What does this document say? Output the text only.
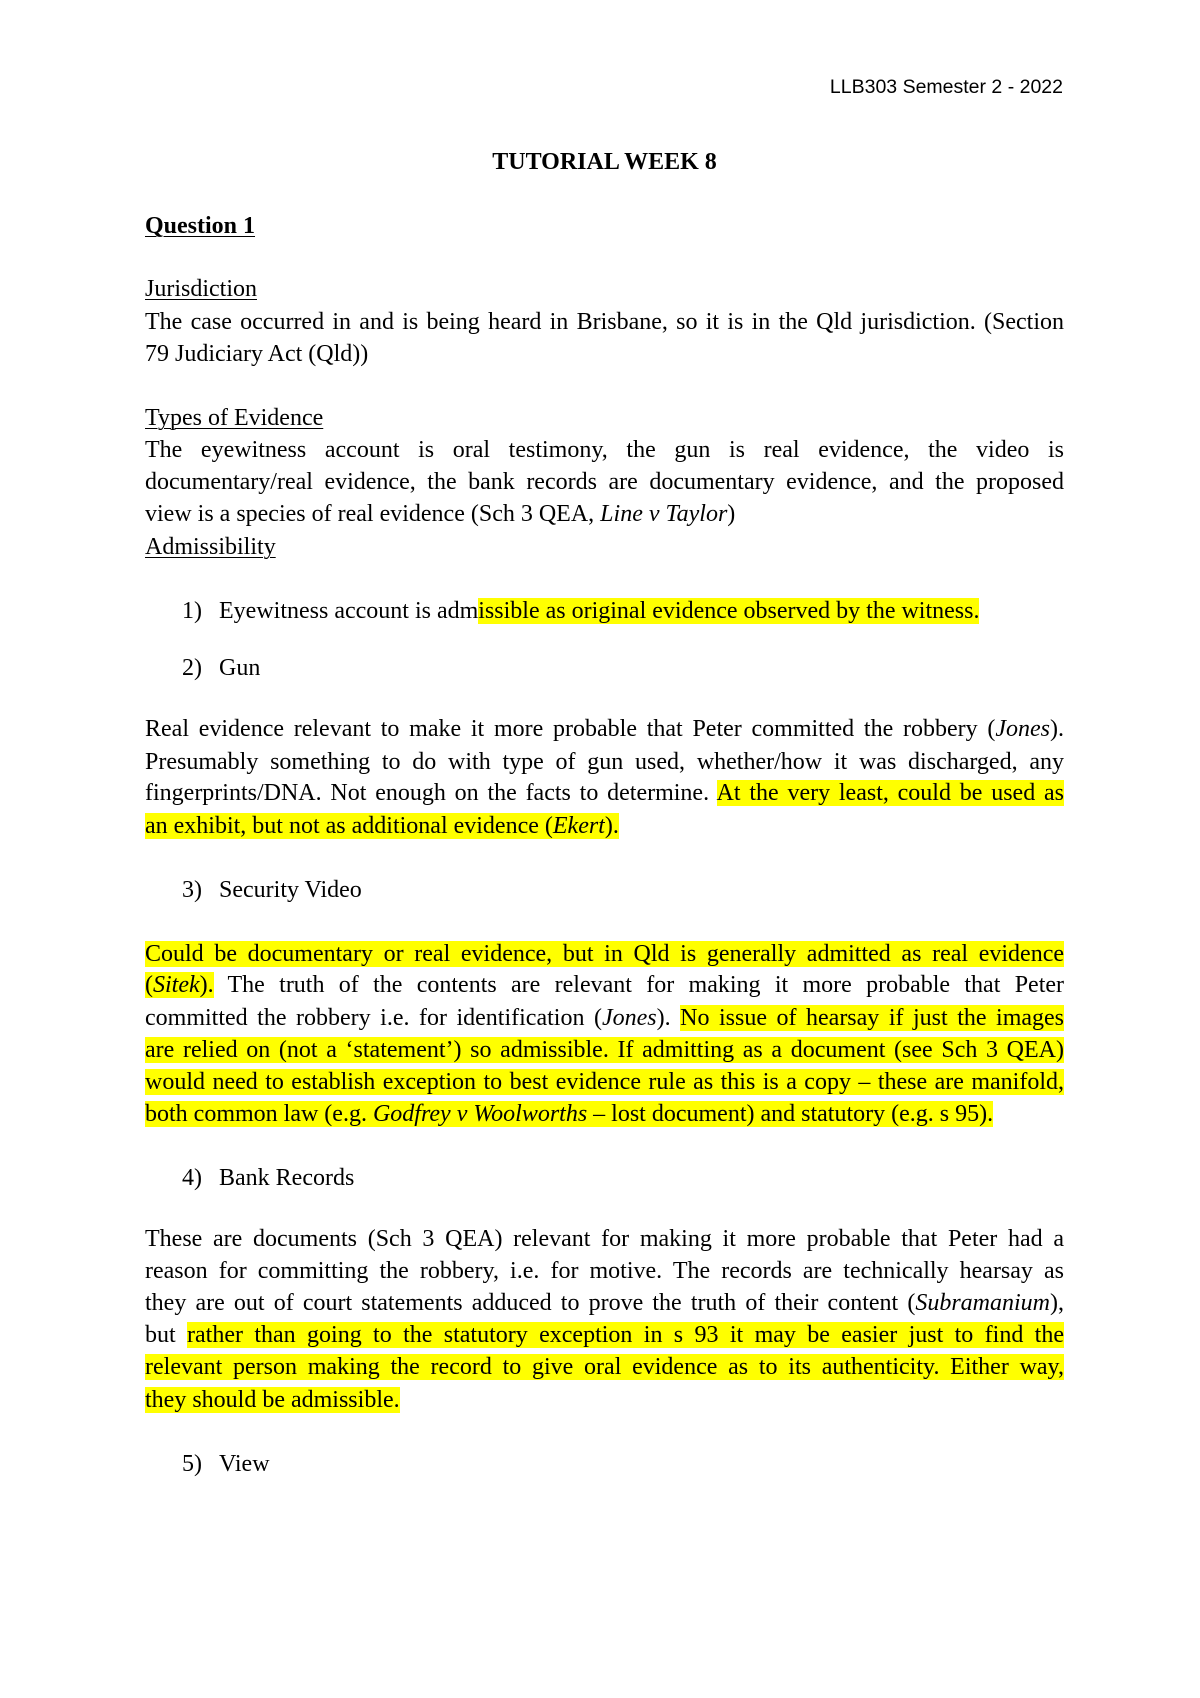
LLB303 Semester 2 - 2022
TUTORIAL WEEK 8
Question 1
Jurisdiction
The case occurred in and is being heard in Brisbane, so it is in the Qld jurisdiction. (Section
79 Judiciary Act (Qld))
Types of Evidence
The eyewitness account is oral testimony, the gun is real evidence, the video is
documentary/real evidence, the bank records are documentary evidence, and the proposed
view is a species of real evidence (Sch 3 QEA, Line v Taylor)
Admissibility
1) Eyewitness account is admissible as original evidence observed by the witness.
2) Gun
Real evidence relevant to make it more probable that Peter committed the robbery (Jones).
Presumably something to do with type of gun used, whether/how it was discharged, any
fingerprints/DNA. Not enough on the facts to determine. At the very least, could be used as
an exhibit, but not as additional evidence (Ekert).
3) Security Video
Could be documentary or real evidence, but in Qld is generally admitted as real evidence
(Sitek). The truth of the contents are relevant for making it more probable that Peter
committed the robbery i.e. for identification (Jones). No issue of hearsay if just the images
are relied on (not a ‘statement’) so admissible. If admitting as a document (see Sch 3 QEA)
would need to establish exception to best evidence rule as this is a copy – these are manifold,
both common law (e.g. Godfrey v Woolworths – lost document) and statutory (e.g. s 95).
4) Bank Records
These are documents (Sch 3 QEA) relevant for making it more probable that Peter had a
reason for committing the robbery, i.e. for motive. The records are technically hearsay as
they are out of court statements adduced to prove the truth of their content (Subramanium),
but rather than going to the statutory exception in s 93 it may be easier just to find the
relevant person making the record to give oral evidence as to its authenticity. Either way,
they should be admissible.
5) View
